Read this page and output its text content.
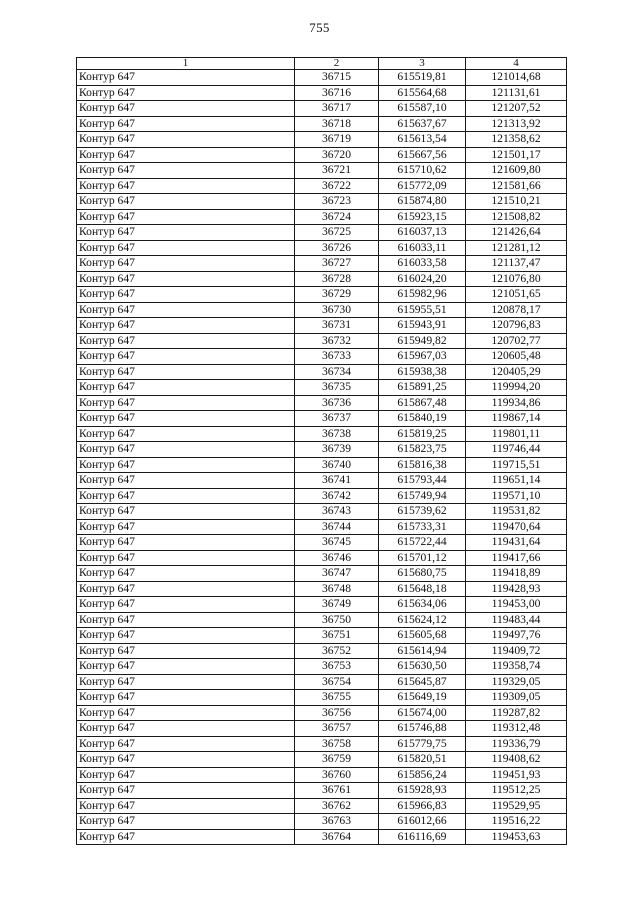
755
1	2	3	4
Контур 647	36715	615519,81	121014,68
Контур 647	36716	615564,68	121131,61
Контур 647	36717	615587,10	121207,52
Контур 647	36718	615637,67	121313,92
Контур 647	36719	615613,54	121358,62
Контур 647	36720	615667,56	121501,17
Контур 647	36721	615710,62	121609,80
Контур 647	36722	615772,09	121581,66
Контур 647	36723	615874,80	121510,21
Контур 647	36724	615923,15	121508,82
Контур 647	36725	616037,13	121426,64
Контур 647	36726	616033,11	121281,12
Контур 647	36727	616033,58	121137,47
Контур 647	36728	616024,20	121076,80
Контур 647	36729	615982,96	121051,65
Контур 647	36730	615955,51	120878,17
Контур 647	36731	615943,91	120796,83
Контур 647	36732	615949,82	120702,77
Контур 647	36733	615967,03	120605,48
Контур 647	36734	615938,38	120405,29
Контур 647	36735	615891,25	119994,20
Контур 647	36736	615867,48	119934,86
Контур 647	36737	615840,19	119867,14
Контур 647	36738	615819,25	119801,11
Контур 647	36739	615823,75	119746,44
Контур 647	36740	615816,38	119715,51
Контур 647	36741	615793,44	119651,14
Контур 647	36742	615749,94	119571,10
Контур 647	36743	615739,62	119531,82
Контур 647	36744	615733,31	119470,64
Контур 647	36745	615722,44	119431,64
Контур 647	36746	615701,12	119417,66
Контур 647	36747	615680,75	119418,89
Контур 647	36748	615648,18	119428,93
Контур 647	36749	615634,06	119453,00
Контур 647	36750	615624,12	119483,44
Контур 647	36751	615605,68	119497,76
Контур 647	36752	615614,94	119409,72
Контур 647	36753	615630,50	119358,74
Контур 647	36754	615645,87	119329,05
Контур 647	36755	615649,19	119309,05
Контур 647	36756	615674,00	119287,82
Контур 647	36757	615746,88	119312,48
Контур 647	36758	615779,75	119336,79
Контур 647	36759	615820,51	119408,62
Контур 647	36760	615856,24	119451,93
Контур 647	36761	615928,93	119512,25
Контур 647	36762	615966,83	119529,95
Контур 647	36763	616012,66	119516,22
Контур 647	36764	616116,69	119453,63
